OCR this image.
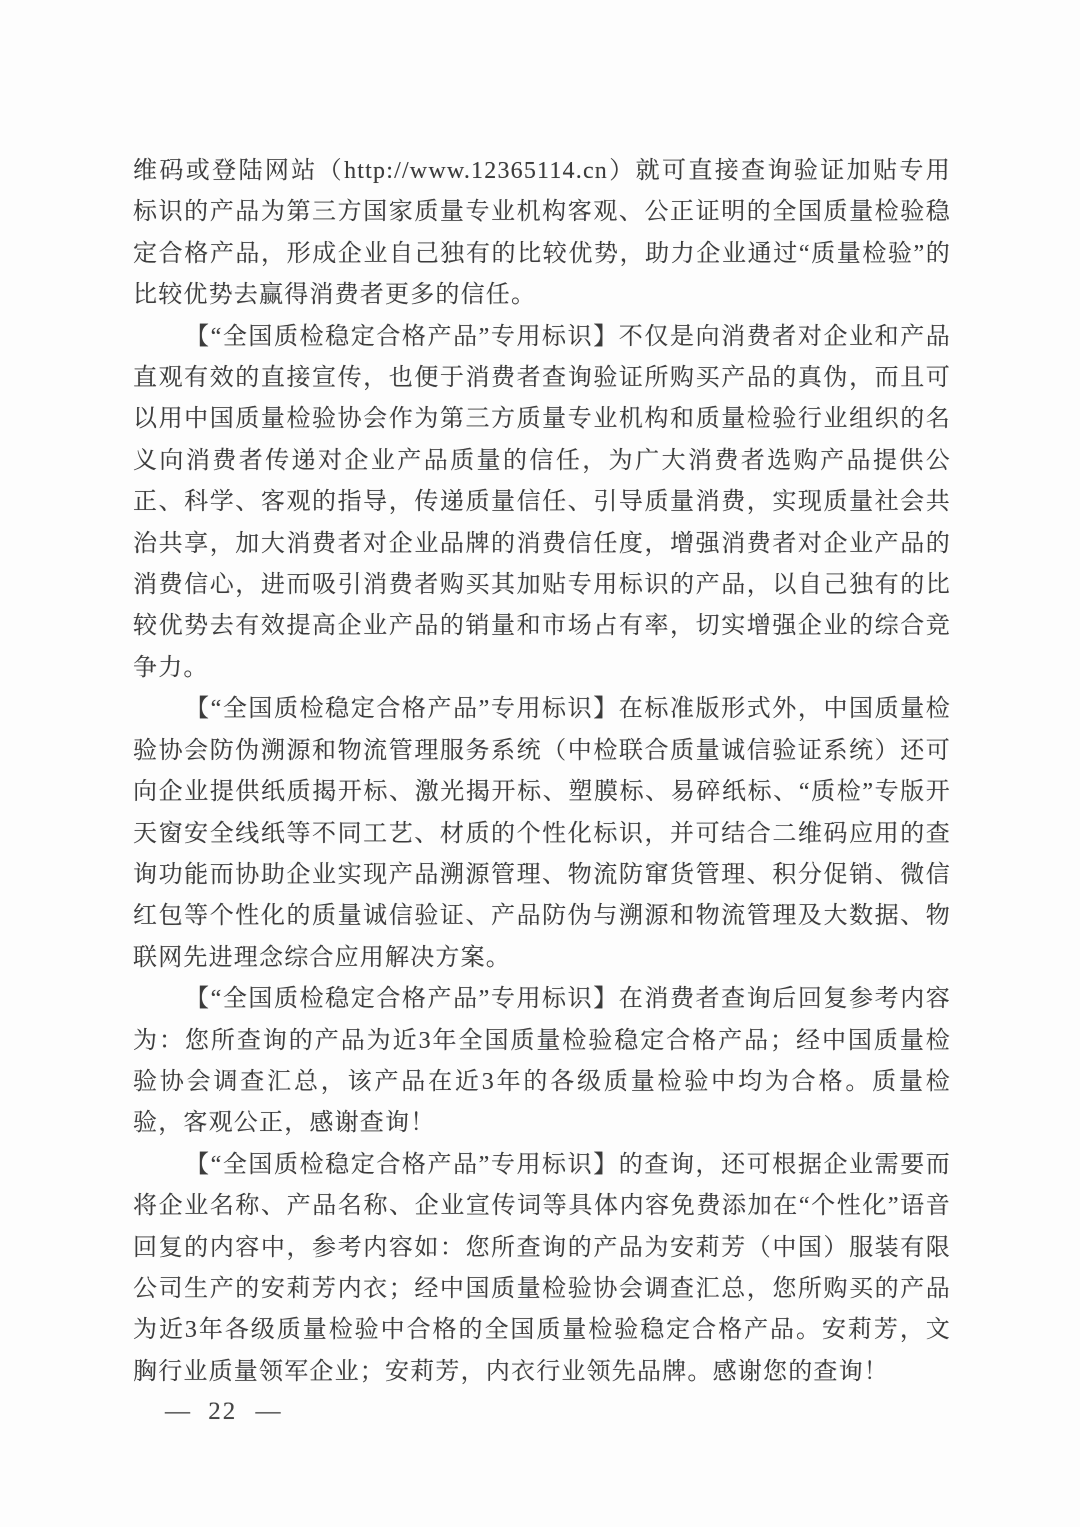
维码或登陆网站（http://www.12365114.cn）就可直接查询验证加贴专用标识的产品为第三方国家质量专业机构客观、公正证明的全国质量检验稳定合格产品，形成企业自己独有的比较优势，助力企业通过“质量检验”的比较优势去赢得消费者更多的信任。

【“全国质检稳定合格产品”专用标识】不仅是向消费者对企业和产品直观有效的直接宣传，也便于消费者查询验证所购买产品的真伪，而且可以用中国质量检验协会作为第三方质量专业机构和质量检验行业组织的名义向消费者传递对企业产品质量的信任，为广大消费者选购产品提供公正、科学、客观的指导，传递质量信任、引导质量消费，实现质量社会共治共享，加大消费者对企业品牌的消费信任度，增强消费者对企业产品的消费信心，进而吸引消费者购买其加贴专用标识的产品，以自己独有的比较优势去有效提高企业产品的销量和市场占有率，切实增强企业的综合竞争力。

【“全国质检稳定合格产品”专用标识】在标准版形式外，中国质量检验协会防伪溯源和物流管理服务系统（中检联合质量诚信验证系统）还可向企业提供纸质揭开标、激光揭开标、塑膜标、易碎纸标、“质检”专版开天窗安全线纸等不同工艺、材质的个性化标识，并可结合二维码应用的查询功能而协助企业实现产品溯源管理、物流防窜货管理、积分促销、微信红包等个性化的质量诚信验证、产品防伪与溯源和物流管理及大数据、物联网先进理念综合应用解决方案。

【“全国质检稳定合格产品”专用标识】在消费者查询后回复参考内容为：您所查询的产品为近3年全国质量检验稳定合格产品；经中国质量检验协会调查汇总，该产品在近3年的各级质量检验中均为合格。质量检验，客观公正，感谢查询！

【“全国质检稳定合格产品”专用标识】的查询，还可根据企业需要而将企业名称、产品名称、企业宣传词等具体内容免费添加在“个性化”语音回复的内容中，参考内容如：您所查询的产品为安莉芳（中国）服装有限公司生产的安莉芳内衣；经中国质量检验协会调查汇总，您所购买的产品为近3年各级质量检验中合格的全国质量检验稳定合格产品。安莉芳，文胸行业质量领军企业；安莉芳，内衣行业领先品牌。感谢您的查询！

— 22 —
